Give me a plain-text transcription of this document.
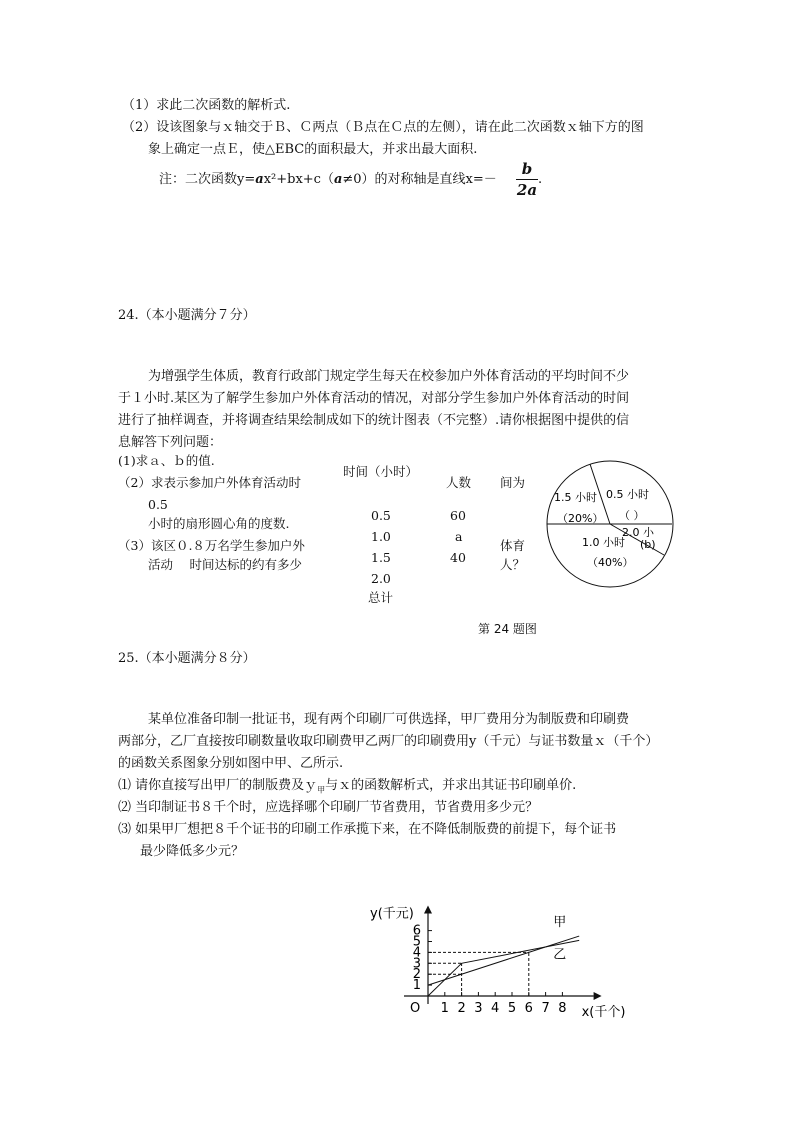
（1）求此二次函数的解析式.
（2）设该图象与ｘ轴交于Ｂ、Ｃ两点（Ｂ点在Ｃ点的左侧），请在此二次函数ｘ轴下方的图
象上确定一点Ｅ，使△EBC的面积最大，并求出最大面积.
注：二次函数y=ax²+bx+c（a≠0）的对称轴是直线x=－
b
2a
.
24.（本小题满分７分）
为增强学生体质，教育行政部门规定学生每天在校参加户外体育活动的平均时间不少
于１小时.某区为了解学生参加户外体育活动的情况，对部分学生参加户外体育活动的时间
进行了抽样调查，并将调查结果绘制成如下的统计图表（不完整）.请你根据图中提供的信
息解答下列问题：
(1)求ａ、ｂ的值.
（2）求表示参加户外体育活动时
0.5
小时的扇形圆心角的度数.
（3）该区０.８万名学生参加户外
活动　 时间达标的约有多少
时间（小时）
人数 间为
0.5
1.0
1.5
2.0
总计
60
a
40
体育
人？
1.5 小时
（20%）
0.5 小时
（ ）
2.0 小
1.0 小时 (b)
（40%）
第 24 题图
25.（本小题满分８分）
某单位准备印制一批证书，现有两个印刷厂可供选择，甲厂费用分为制版费和印刷费
两部分，乙厂直接按印刷数量收取印刷费甲乙两厂的印刷费用y（千元）与证书数量ｘ（千个）
的函数关系图象分别如图中甲、乙所示.
⑴ 请你直接写出甲厂的制版费及ｙ$_甲$与ｘ的函数解析式，并求出其证书印刷单价.
⑵ 当印制证书８千个时，应选择哪个印刷厂节省费用，节省费用多少元？
⑶ 如果甲厂想把８千个证书的印刷工作承揽下来，在不降低制版费的前提下，每个证书
最少降低多少元？
1 2 3 4 5 6 7 8
1
2
3
4
5
6
甲
乙
y(千元)
x(千个)
O
